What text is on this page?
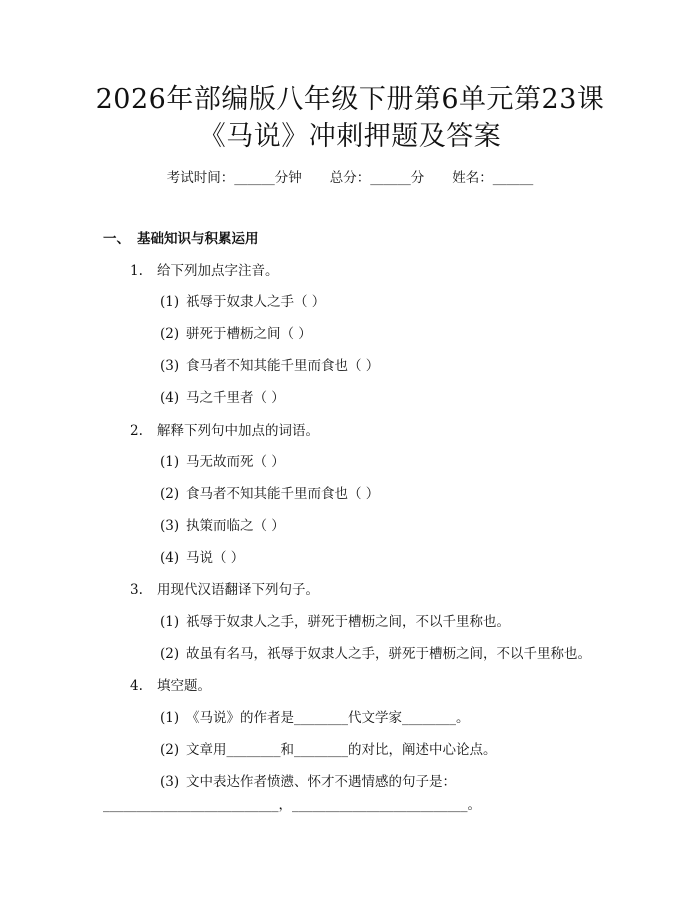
2026年部编版八年级下册第6单元第23课
《马说》冲刺押题及答案
考试时间：______分钟 总分：______分 姓名：______
一、 基础知识与积累运用
1. 给下列加点字注音。
(1) 祇辱于奴隶人之手（ ）
(2) 骈死于槽枥之间（ ）
(3) 食马者不知其能千里而食也（ ）
(4) 马之千里者（ ）
2. 解释下列句中加点的词语。
(1) 马无故而死（ ）
(2) 食马者不知其能千里而食也（ ）
(3) 执策而临之（ ）
(4) 马说（ ）
3. 用现代汉语翻译下列句子。
(1) 祇辱于奴隶人之手，骈死于槽枥之间，不以千里称也。
(2) 故虽有名马，祇辱于奴隶人之手，骈死于槽枥之间，不以千里称也。
4. 填空题。
(1) 《马说》的作者是________代文学家________。
(2) 文章用________和________的对比，阐述中心论点。
(3) 文中表达作者愤懑、怀才不遇情感的句子是：
__________________________，__________________________。
